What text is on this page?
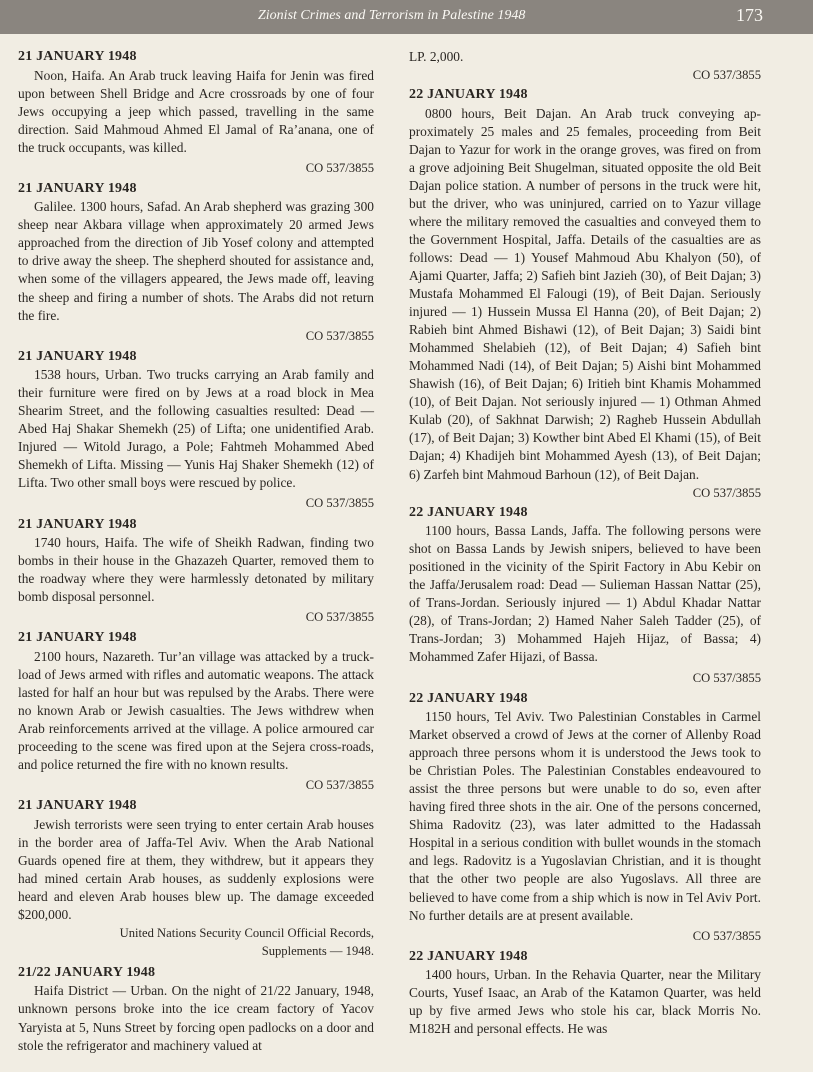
Zionist Crimes and Terrorism in Palestine 1948	173

21 JANUARY 1948

Noon, Haifa. An Arab truck leaving Haifa for Jenin was fired upon between Shell Bridge and Acre crossroads by one of four Jews occupying a jeep which passed, travelling in the same direction. Said Mahmoud Ahmed El Jamal of Ra’anana, one of the truck occupants, was killed.

CO 537/3855

21 JANUARY 1948

Galilee. 1300 hours, Safad. An Arab shepherd was grazing 300 sheep near Akbara village when approximately 20 armed Jews approached from the direction of Jib Yosef colony and attempted to drive away the sheep. The shepherd shouted for assistance and, when some of the villagers appeared, the Jews made off, leaving the sheep and firing a number of shots. The Arabs did not return the fire.

CO 537/3855

21 JANUARY 1948

1538 hours, Urban. Two trucks carrying an Arab family and their furniture were fired on by Jews at a road block in Mea Shearim Street, and the following casualties resulted: Dead — Abed Haj Shakar Shemekh (25) of Lifta; one unidentified Arab. Injured — Witold Jurago, a Pole; Fahtmeh Mohammed Abed Shemekh of Lifta. Missing — Yunis Haj Shaker Shemekh (12) of Lifta. Two other small boys were rescued by police.

CO 537/3855

21 JANUARY 1948

1740 hours, Haifa. The wife of Sheikh Radwan, finding two bombs in their house in the Ghazazeh Quarter, removed them to the roadway where they were harmlessly detonated by military bomb disposal personnel.

CO 537/3855

21 JANUARY 1948

2100 hours, Nazareth. Tur’an village was attacked by a truck-load of Jews armed with rifles and automatic weapons. The attack lasted for half an hour but was repulsed by the Arabs. There were no known Arab or Jewish casualties. The Jews withdrew when Arab reinforcements arrived at the village. A police armoured car proceeding to the scene was fired upon at the Sejera cross-roads, and police returned the fire with no known results.

CO 537/3855

21 JANUARY 1948

Jewish terrorists were seen trying to enter certain Arab houses in the border area of Jaffa-Tel Aviv. When the Arab National Guards opened fire at them, they withdrew, but it appears they had mined certain Arab houses, as suddenly explosions were heard and eleven Arab houses blew up. The damage exceeded $200,000.

United Nations Security Council Official Records,
Supplements — 1948.

21/22 JANUARY 1948

Haifa District — Urban. On the night of 21/22 January, 1948, unknown persons broke into the ice cream factory of Yacov Yaryista at 5, Nuns Street by forcing open padlocks on a door and stole the refrigerator and machinery valued at

LP. 2,000.

CO 537/3855

22 JANUARY 1948

0800 hours, Beit Dajan. An Arab truck conveying approximately 25 males and 25 females, proceeding from Beit Dajan to Yazur for work in the orange groves, was fired on from a grove adjoining Beit Shugelman, situated opposite the old Beit Dajan police station. A number of persons in the truck were hit, but the driver, who was uninjured, carried on to Yazur village where the military removed the casualties and conveyed them to the Government Hospital, Jaffa. Details of the casualties are as follows: Dead — 1) Yousef Mahmoud Abu Khalyon (50), of Ajami Quarter, Jaffa; 2) Safieh bint Jazieh (30), of Beit Dajan; 3) Mustafa Mohammed El Falougi (19), of Beit Dajan. Seriously injured — 1) Hussein Mussa El Hanna (20), of Beit Dajan; 2) Rabieh bint Ahmed Bishawi (12), of Beit Dajan; 3) Saidi bint Mohammed Shelabieh (12), of Beit Dajan; 4) Safieh bint Mohammed Nadi (14), of Beit Dajan; 5) Aishi bint Mohammed Shawish (16), of Beit Dajan; 6) Iritieh bint Khamis Mohammed (10), of Beit Dajan. Not seriously injured — 1) Othman Ahmed Kulab (20), of Sakhnat Darwish; 2) Ragheb Hussein Abdullah (17), of Beit Dajan; 3) Kowther bint Abed El Khami (15), of Beit Dajan; 4) Khadijeh bint Mohammed Ayesh (13), of Beit Dajan; 6) Zarfeh bint Mahmoud Barhoun (12), of Beit Dajan.

CO 537/3855

22 JANUARY 1948

1100 hours, Bassa Lands, Jaffa. The following persons were shot on Bassa Lands by Jewish snipers, believed to have been positioned in the vicinity of the Spirit Factory in Abu Kebir on the Jaffa/Jerusalem road: Dead — Sulieman Hassan Nattar (25), of Trans-Jordan. Seriously injured — 1) Abdul Khadar Nattar (28), of Trans-Jordan; 2) Hamed Naher Saleh Tadder (25), of Trans-Jordan; 3) Mohammed Hajeh Hijaz, of Bassa; 4) Mohammed Zafer Hijazi, of Bassa.

CO 537/3855

22 JANUARY 1948

1150 hours, Tel Aviv. Two Palestinian Constables in Carmel Market observed a crowd of Jews at the corner of Allenby Road approach three persons whom it is understood the Jews took to be Christian Poles. The Palestinian Constables endeavoured to assist the three persons but were unable to do so, even after having fired three shots in the air. One of the persons concerned, Shima Radovitz (23), was later admitted to the Hadassah Hospital in a serious condition with bullet wounds in the stomach and legs. Radovitz is a Yugoslavian Christian, and it is thought that the other two people are also Yugoslavs. All three are believed to have come from a ship which is now in Tel Aviv Port. No further details are at present available.

CO 537/3855

22 JANUARY 1948

1400 hours, Urban. In the Rehavia Quarter, near the Military Courts, Yusef Isaac, an Arab of the Katamon Quarter, was held up by five armed Jews who stole his car, black Morris No. M182H and personal effects. He was
